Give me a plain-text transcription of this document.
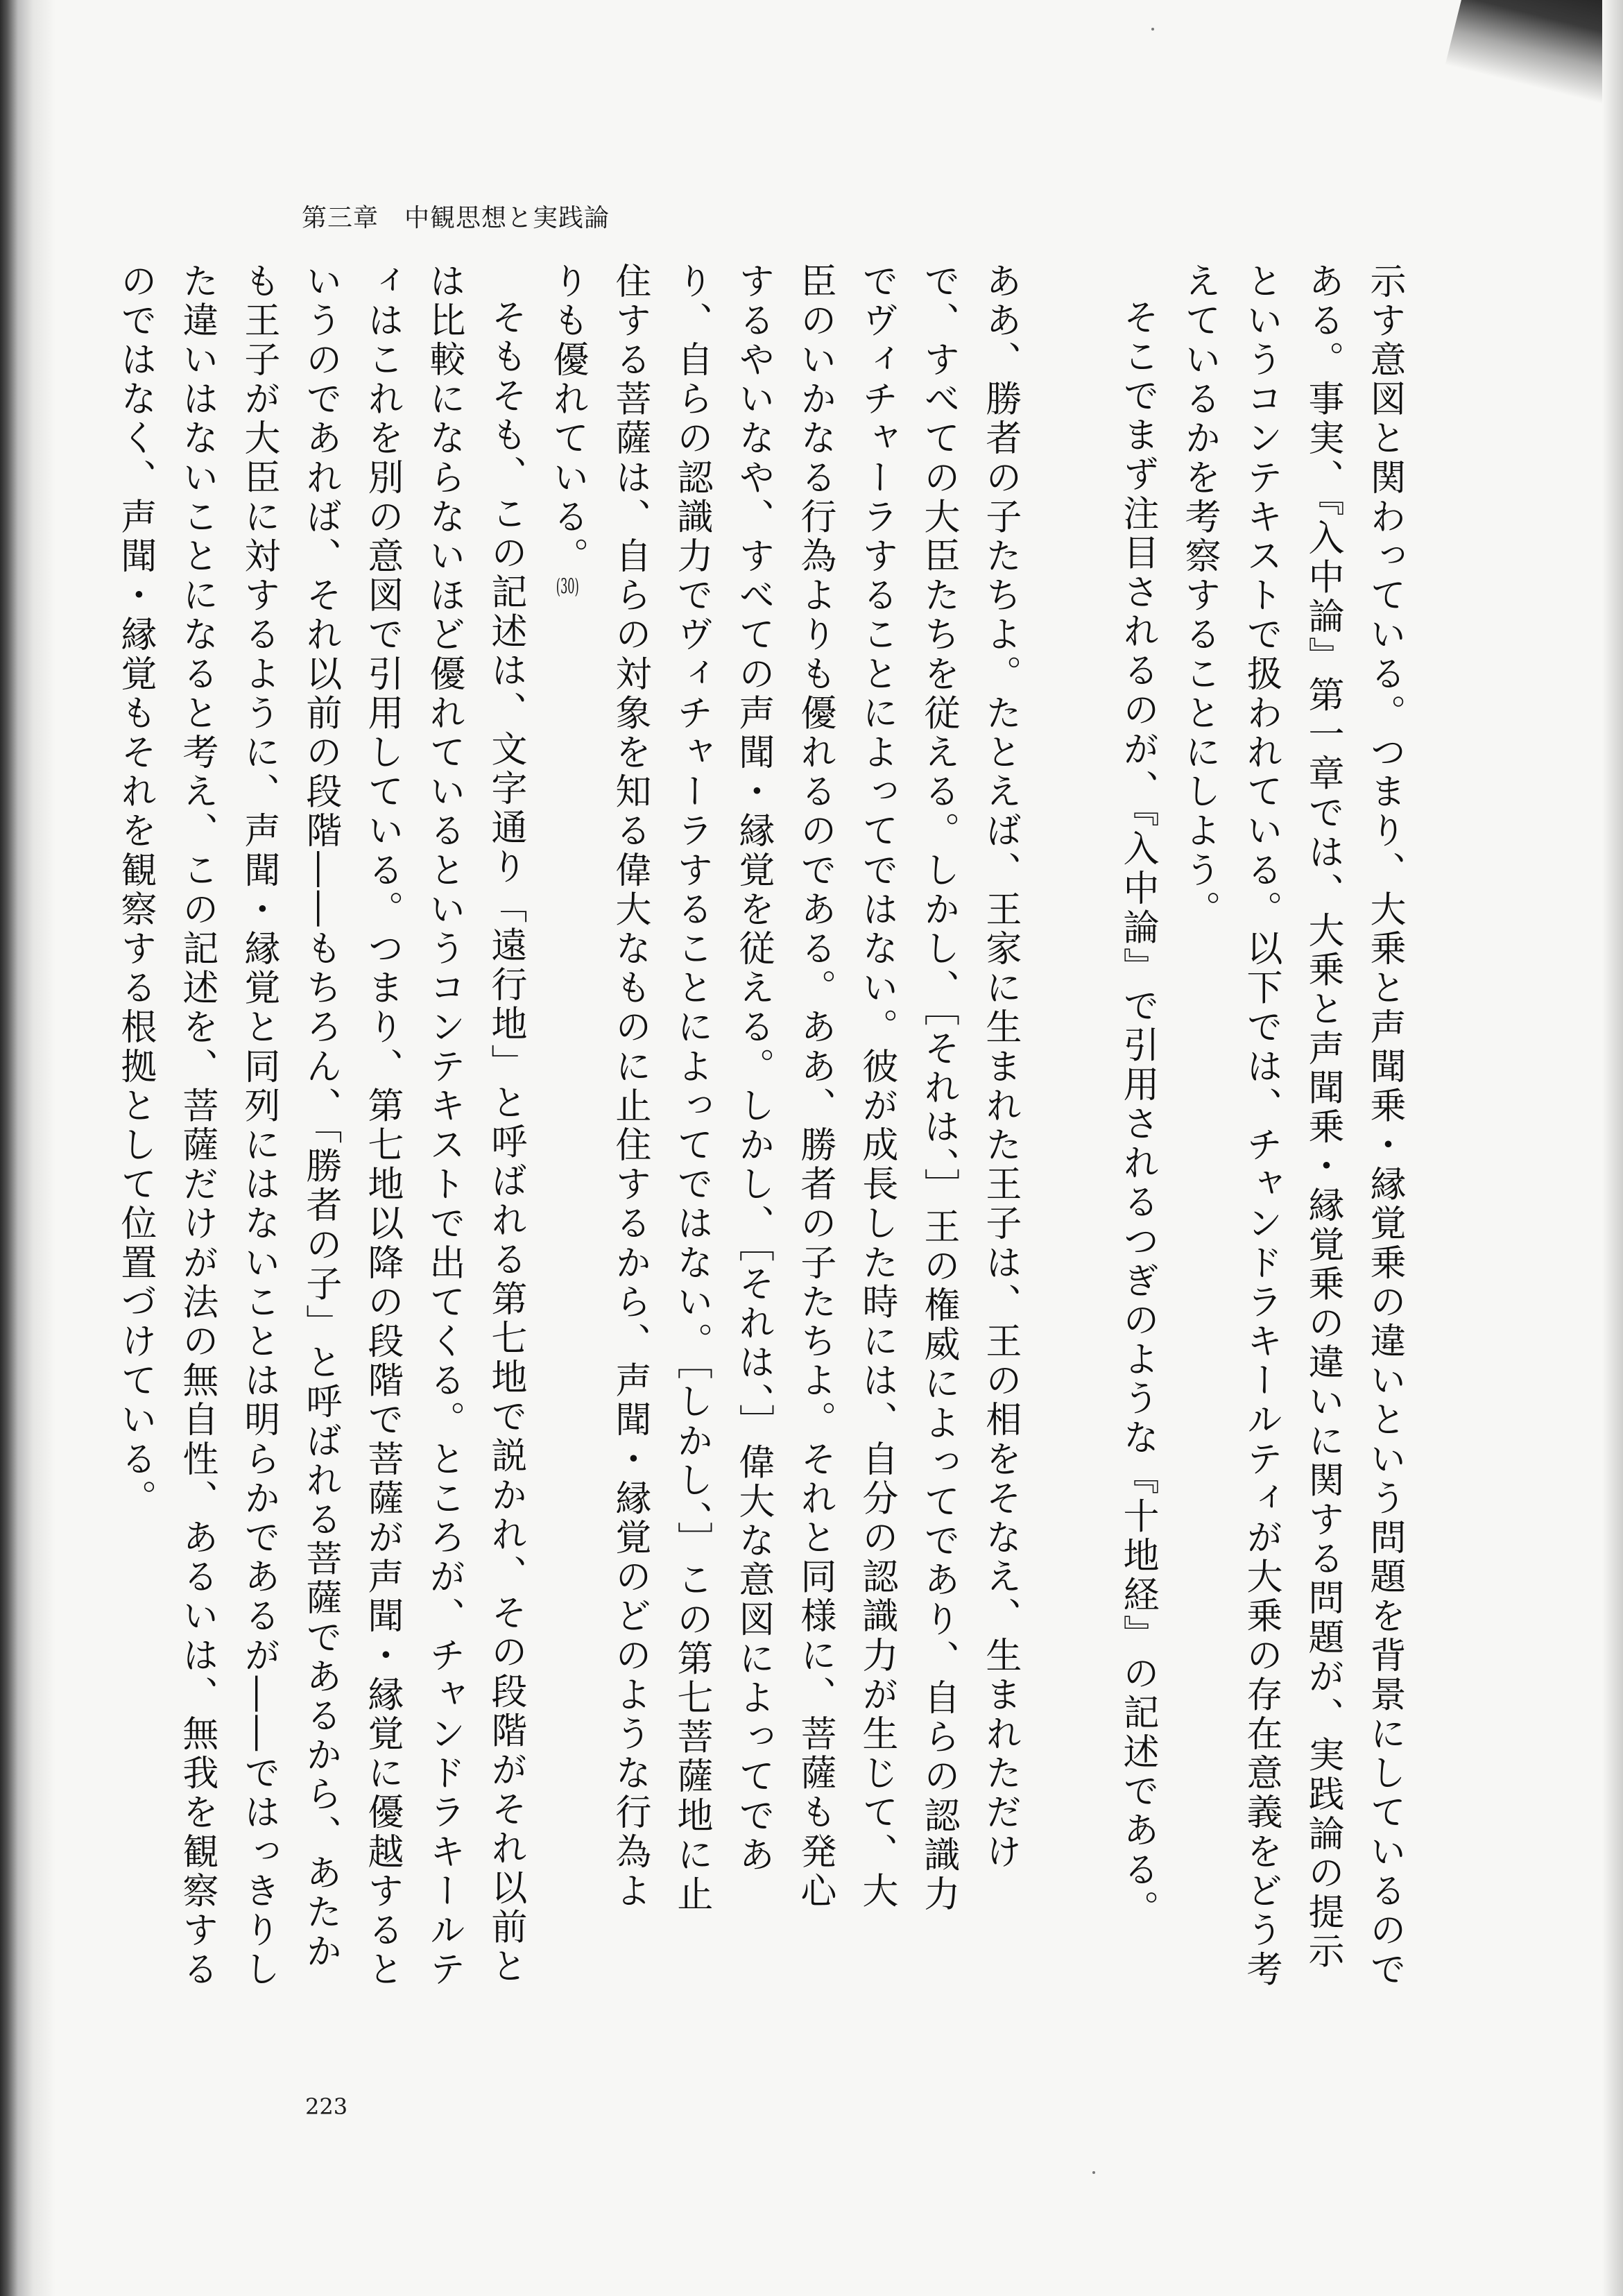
第三章　中観思想と実践論

示す意図と関わっている。つまり、大乗と声聞乗・縁覚乗の違いという問題を背景にしているのである。事実、『入中論』第一章では、大乗と声聞乗・縁覚乗の違いに関する問題が、実践論の提示というコンテキストで扱われている。以下では、チャンドラキールティが大乗の存在意義をどう考えているかを考察することにしよう。

そこでまず注目されるのが、『入中論』で引用されるつぎのような『十地経』の記述である。

ああ、勝者の子たちよ。たとえば、王家に生まれた王子は、王の相をそなえ、生まれただけで、すべての大臣たちを従える。しかし、［それは、］王の権威によってであり、自らの認識力でヴィチャーラすることによってではない。彼が成長した時には、自分の認識力が生じて、大臣のいかなる行為よりも優れるのである。ああ、勝者の子たちよ。それと同様に、菩薩も発心するやいなや、すべての声聞・縁覚を従える。しかし、［それは、］偉大な意図によってであり、自らの認識力でヴィチャーラすることによってではない。［しかし、］この第七菩薩地に止住する菩薩は、自らの対象を知る偉大なものに止住するから、声聞・縁覚のどのような行為よりも優れている。(30)

そもそも、この記述は、文字通り「遠行地」と呼ばれる第七地で説かれ、その段階がそれ以前とは比較にならないほど優れているというコンテキストで出てくる。ところが、チャンドラキールティはこれを別の意図で引用している。つまり、第七地以降の段階で菩薩が声聞・縁覚に優越するというのであれば、それ以前の段階――もちろん、「勝者の子」と呼ばれる菩薩であるから、あたかも王子が大臣に対するように、声聞・縁覚と同列にはないことは明らかであるが――ではっきりした違いはないことになると考え、この記述を、菩薩だけが法の無自性、あるいは、無我を観察するのではなく、声聞・縁覚もそれを観察する根拠として位置づけている。

223
